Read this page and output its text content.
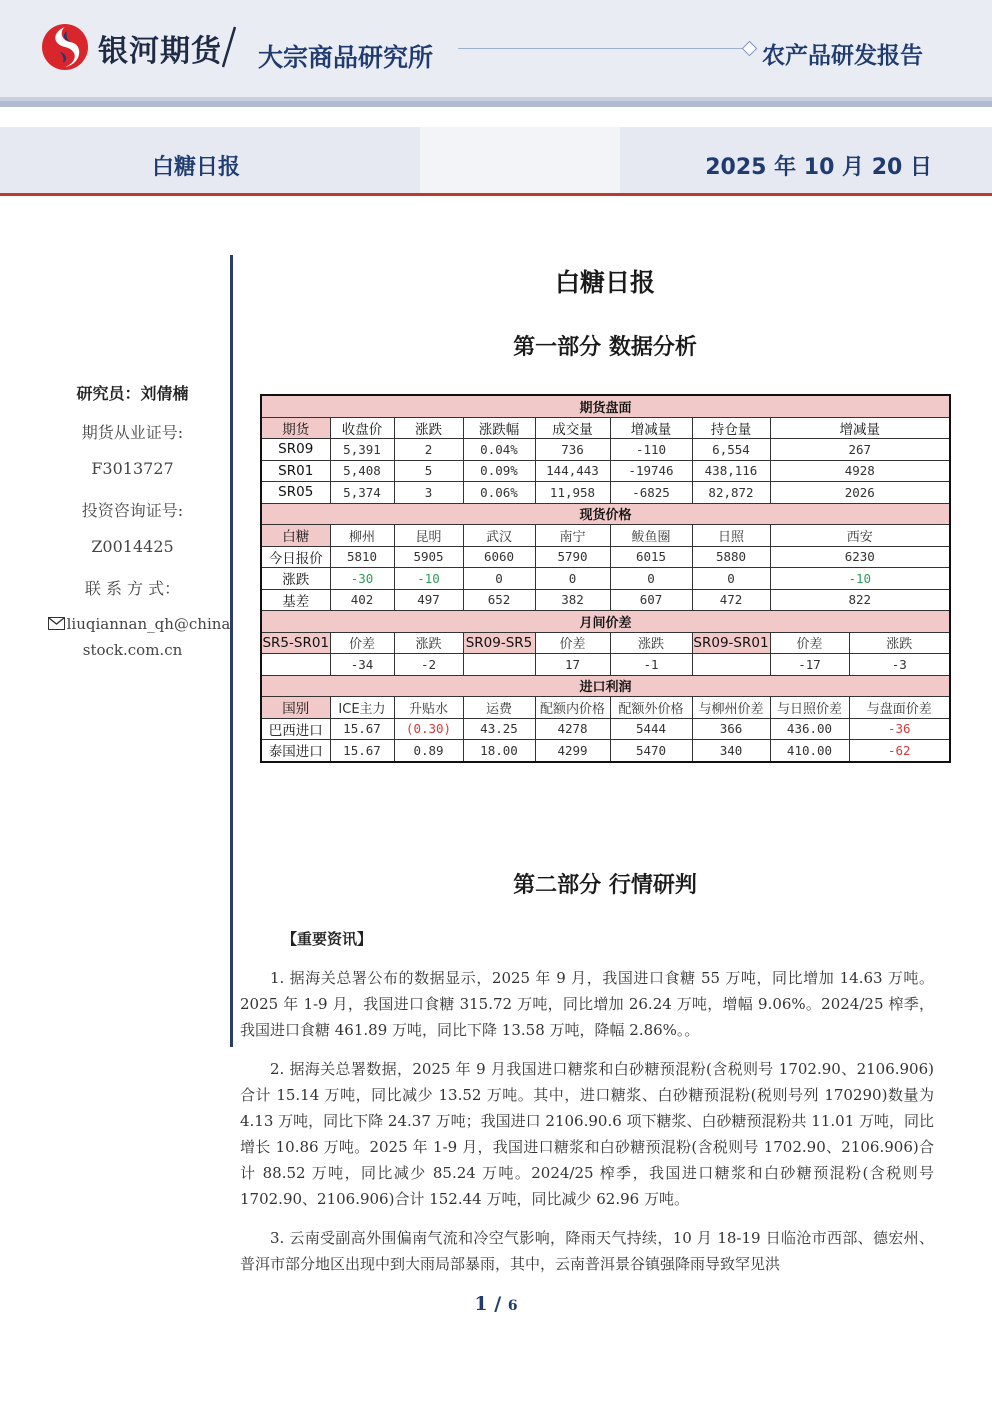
银河期货 大宗商品研究所	农产品研发报告
白糖日报	2025 年 10 月 20 日
研究员：刘倩楠
期货从业证号:
F3013727
投资咨询证号:
Z0014425
联 系 方 式：
liuqiannan_qh@china
stock.com.cn
白糖日报
第一部分 数据分析
期货盘面								
期货	收盘价	涨跌	涨跌幅	成交量	增减量	持仓量	增减量	
SR09	5,391	2	0.04%	736	-110	6,554	267	
SR01	5,408	5	0.09%	144,443	-19746	438,116	4928	
SR05	5,374	3	0.06%	11,958	-6825	82,872	2026	
现货价格								
白糖	柳州	昆明	武汉	南宁	鲅鱼圈	日照	西安	
今日报价	5810	5905	6060	5790	6015	5880	6230	
涨跌	-30	-10	0	0	0	0	-10	
基差	402	497	652	382	607	472	822	
月间价差								
SR5-SR01	价差	涨跌	SR09-SR5	价差	涨跌	SR09-SR01	价差	涨跌
	-34	-2		17	-1		-17	-3
进口利润								
国别	ICE主力	升贴水	运费	配额内价格	配额外价格	与柳州价差	与日照价差	与盘面价差
巴西进口	15.67	(0.30)	43.25	4278	5444	366	436.00	-36
泰国进口	15.67	0.89	18.00	4299	5470	340	410.00	-62
第二部分 行情研判
【重要资讯】
1. 据海关总署公布的数据显示，2025 年 9 月，我国进口食糖 55 万吨，同比增加 14.63 万吨。2025 年 1-9 月，我国进口食糖 315.72 万吨，同比增加 26.24 万吨，增幅 9.06%。2024/25 榨季，我国进口食糖 461.89 万吨，同比下降 13.58 万吨，降幅 2.86%。。
2. 据海关总署数据，2025 年 9 月我国进口糖浆和白砂糖预混粉(含税则号 1702.90、2106.906)合计 15.14 万吨，同比减少 13.52 万吨。其中，进口糖浆、白砂糖预混粉(税则号列 170290)数量为 4.13 万吨，同比下降 24.37 万吨；我国进口 2106.90.6 项下糖浆、白砂糖预混粉共 11.01 万吨，同比增长 10.86 万吨。2025 年 1-9 月，我国进口糖浆和白砂糖预混粉(含税则号 1702.90、2106.906)合计 88.52 万吨，同比减少 85.24 万吨。2024/25 榨季，我国进口糖浆和白砂糖预混粉(含税则号 1702.90、2106.906)合计 152.44 万吨，同比减少 62.96 万吨。
3. 云南受副高外围偏南气流和冷空气影响，降雨天气持续，10 月 18-19 日临沧市西部、德宏州、普洱市部分地区出现中到大雨局部暴雨，其中，云南普洱景谷镇强降雨导致罕见洪
1 / 6
